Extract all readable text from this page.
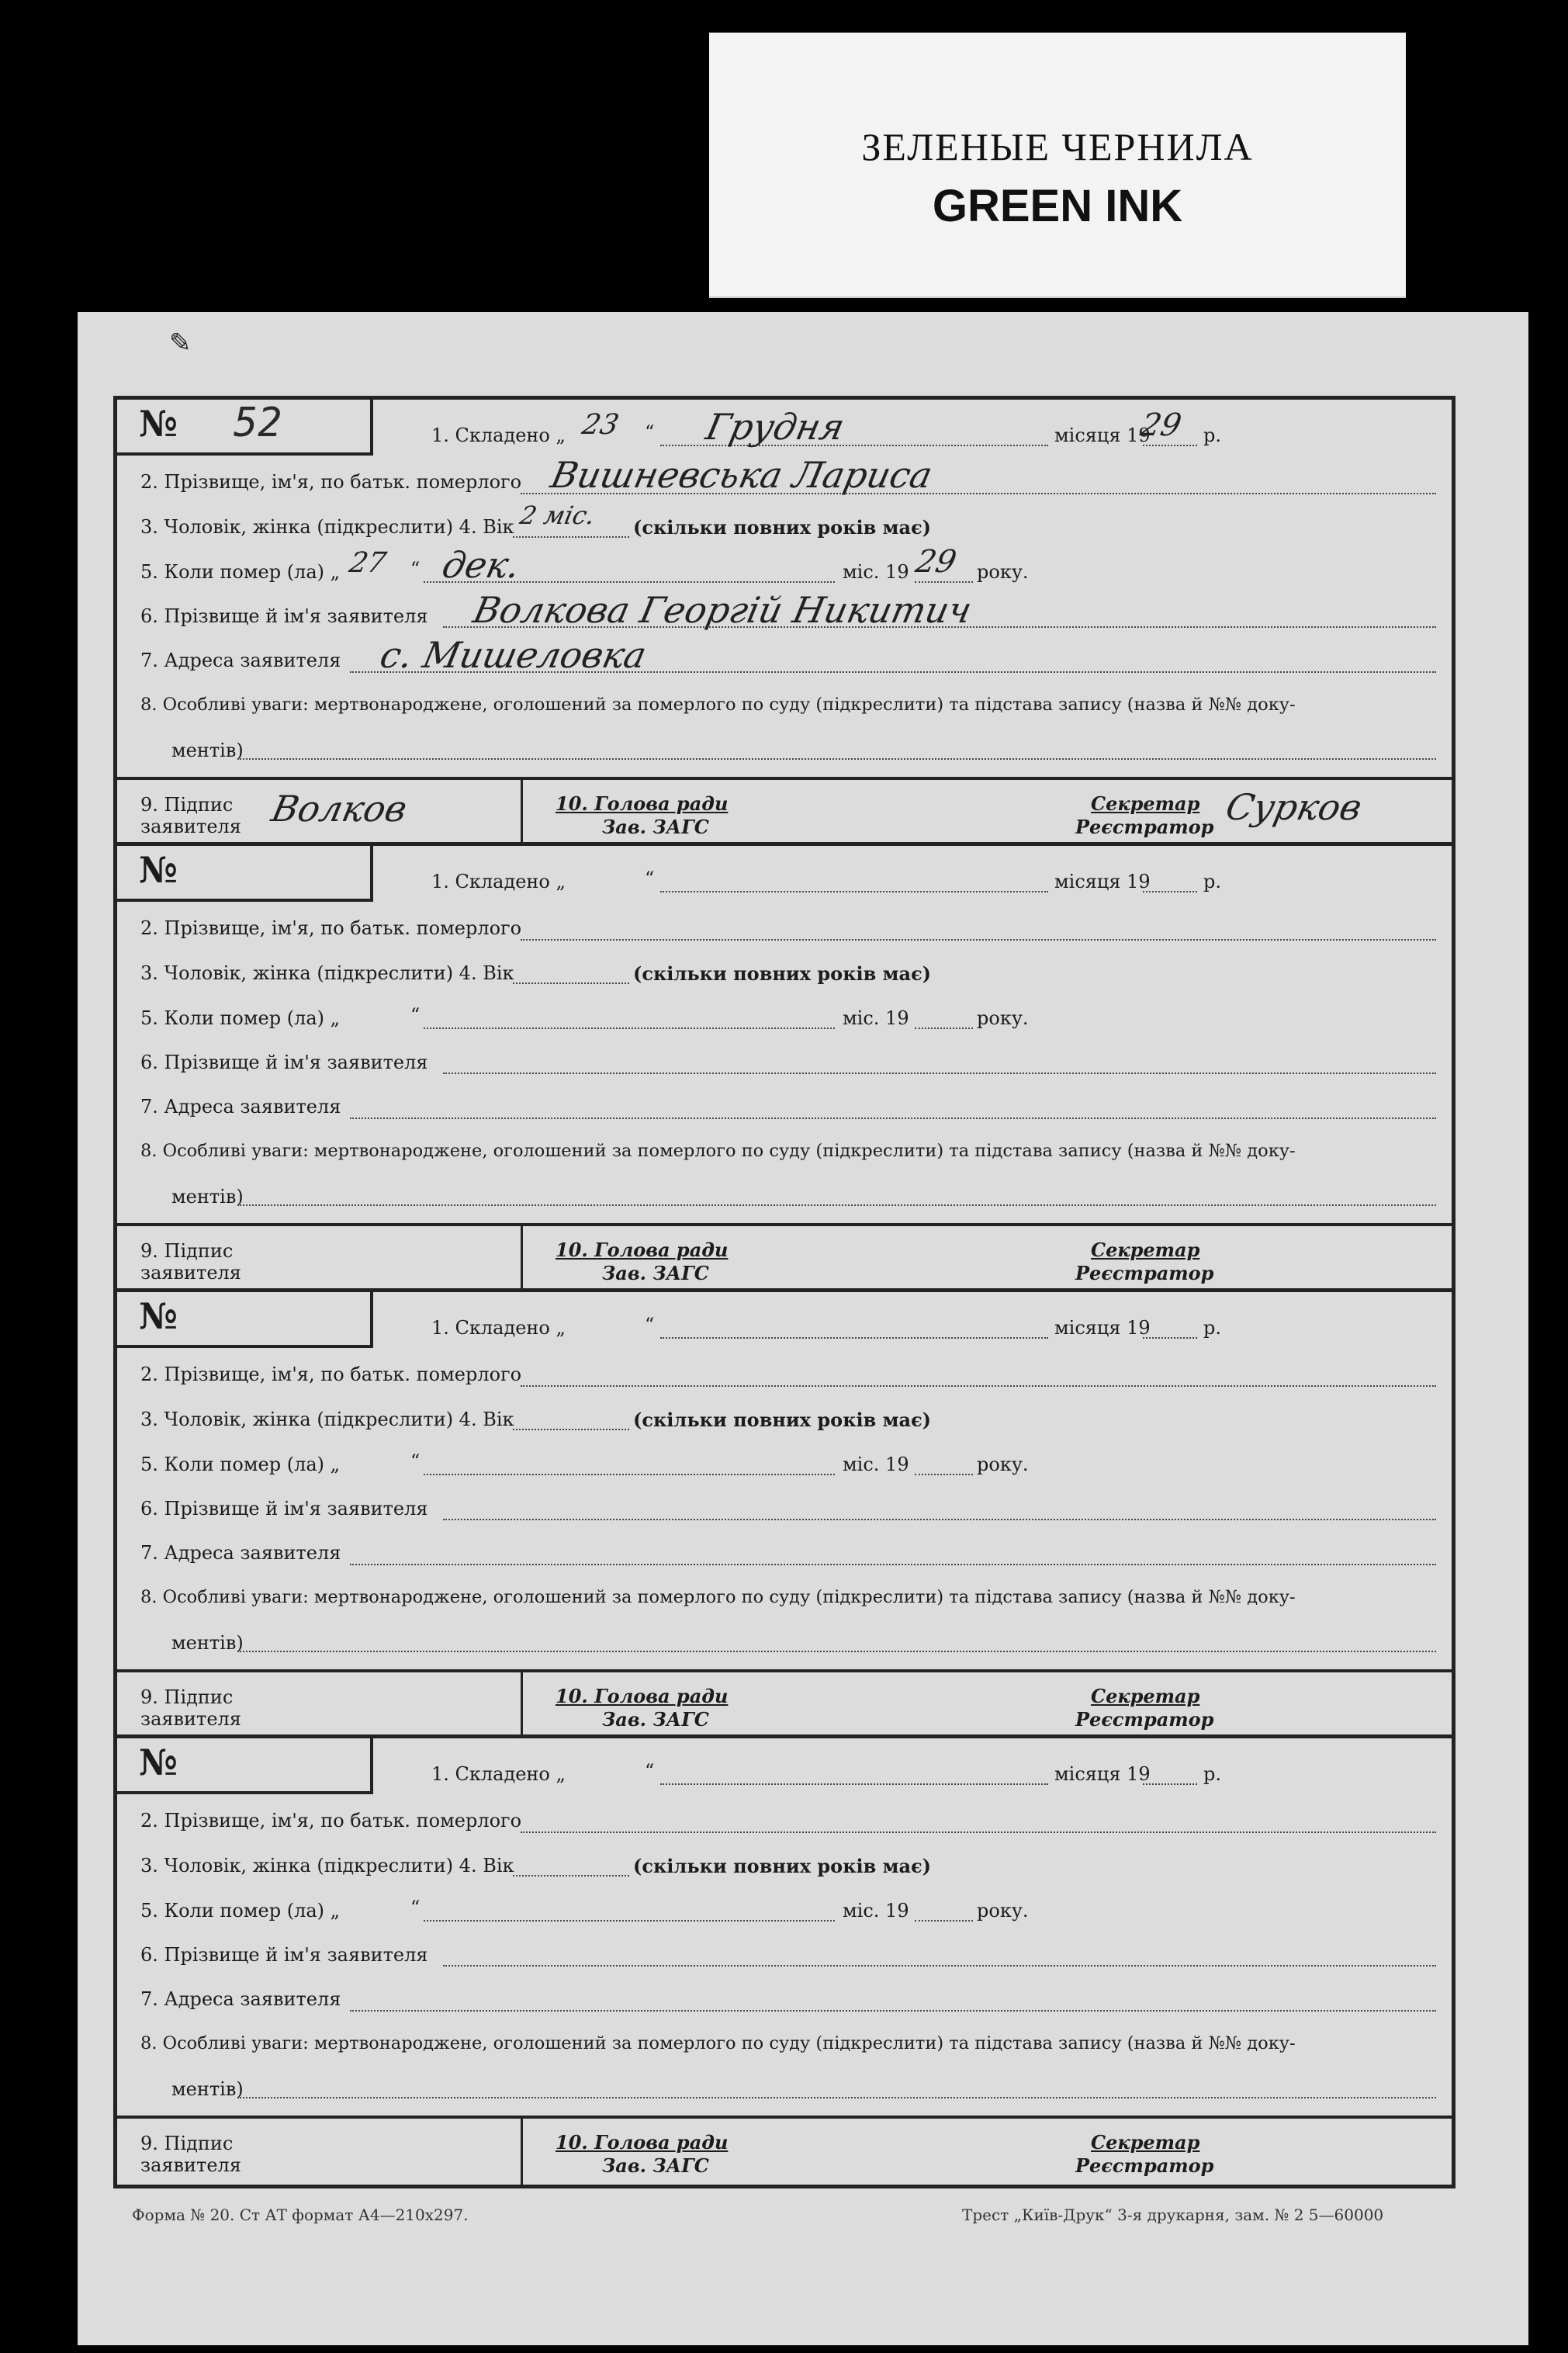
ЗЕЛЕНЫЕ ЧЕРНИЛА
GREEN INK
✎
№ 52	1. Складено „ 23 “ Грудня	місяця 19
29 р.
2. Прізвище, ім'я, по батьк. померлого Вишневська Лариса
3. Чоловік, жінка (підкреслити) 4. Вік 2 міс. (скільки повних років має)
5. Коли помер (ла) „ 27 “ дек.	міс. 19 29 року.
6. Прізвище й ім'я заявителя Волкова Георгій Никитич
7. Адреса заявителя с. Мишеловка
8. Особливі уваги: мертвонароджене, оголошений за померлого по суду (підкреслити) та підстава запису (назва й №№ доку-
ментів)
9. Підпис
заявителя Волков	10. Голова ради
Зав. ЗАГС
Секретар
Реєстратор Сурков
№	1. Складено „	“	місяця 19	р.
2. Прізвище, ім'я, по батьк. померлого
3. Чоловік, жінка (підкреслити) 4. Вік	(скільки повних років має)
5. Коли помер (ла) „	“	міс. 19	року.
6. Прізвище й ім'я заявителя
7. Адреса заявителя
8. Особливі уваги: мертвонароджене, оголошений за померлого по суду (підкреслити) та підстава запису (назва й №№ доку-
ментів)
9. Підпис
заявителя
10. Голова ради
Зав. ЗАГС
Секретар
Реєстратор
№	1. Складено „	“	місяця 19	р.
2. Прізвище, ім'я, по батьк. померлого
3. Чоловік, жінка (підкреслити) 4. Вік	(скільки повних років має)
5. Коли помер (ла) „	“	міс. 19	року.
6. Прізвище й ім'я заявителя
7. Адреса заявителя
8. Особливі уваги: мертвонароджене, оголошений за померлого по суду (підкреслити) та підстава запису (назва й №№ доку-
ментів)
9. Підпис
заявителя
10. Голова ради
Зав. ЗАГС
Секретар
Реєстратор
№	1. Складено „	“	місяця 19	р.
2. Прізвище, ім'я, по батьк. померлого
3. Чоловік, жінка (підкреслити) 4. Вік	(скільки повних років має)
5. Коли помер (ла) „	“	міс. 19	року.
6. Прізвище й ім'я заявителя
7. Адреса заявителя
8. Особливі уваги: мертвонароджене, оголошений за померлого по суду (підкреслити) та підстава запису (назва й №№ доку-
ментів)
9. Підпис
заявителя
10. Голова ради
Зав. ЗАГС
Секретар
Реєстратор
Форма № 20. Ст АТ формат А4—210х297.	Трест „Київ-Друк“ 3-я друкарня, зам. № 2 5—60000
